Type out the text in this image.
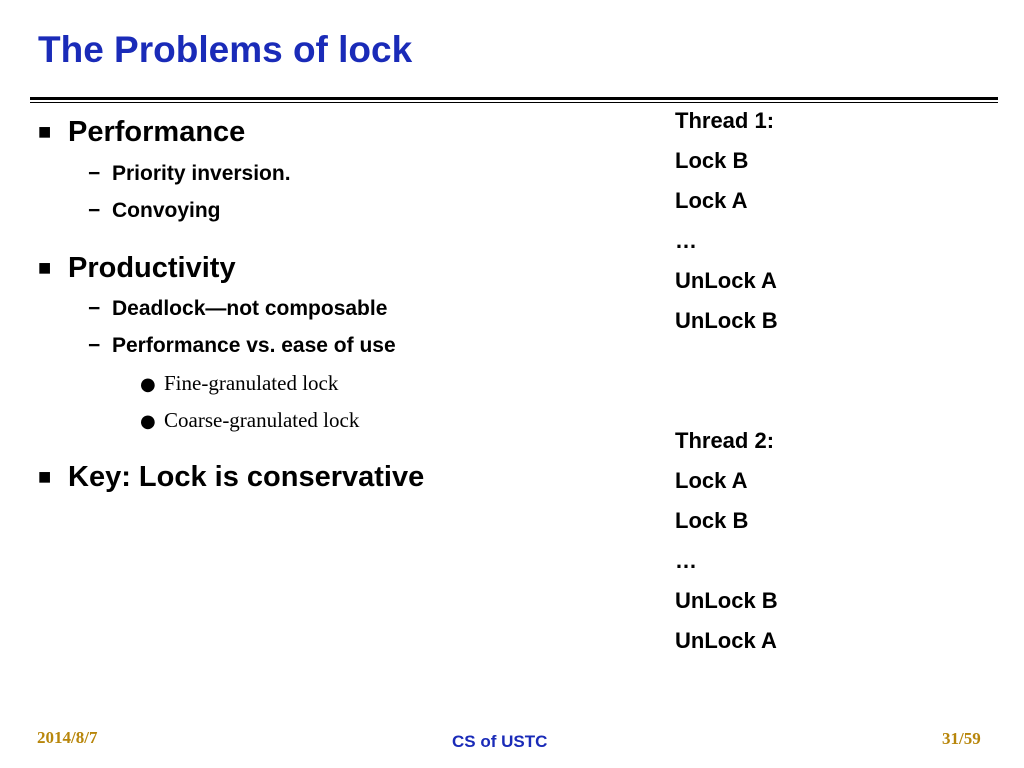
The Problems of lock
■ Performance
− Priority inversion.
− Convoying
■ Productivity
− Deadlock—not composable
− Performance vs. ease of use
● Fine-granulated lock
● Coarse-granulated lock
■ Key: Lock is conservative
Thread 1:
Lock B
Lock A
…
UnLock A
UnLock B
Thread 2:
Lock A
Lock B
…
UnLock B
UnLock A
2014/8/7	CS of USTC	31/59
